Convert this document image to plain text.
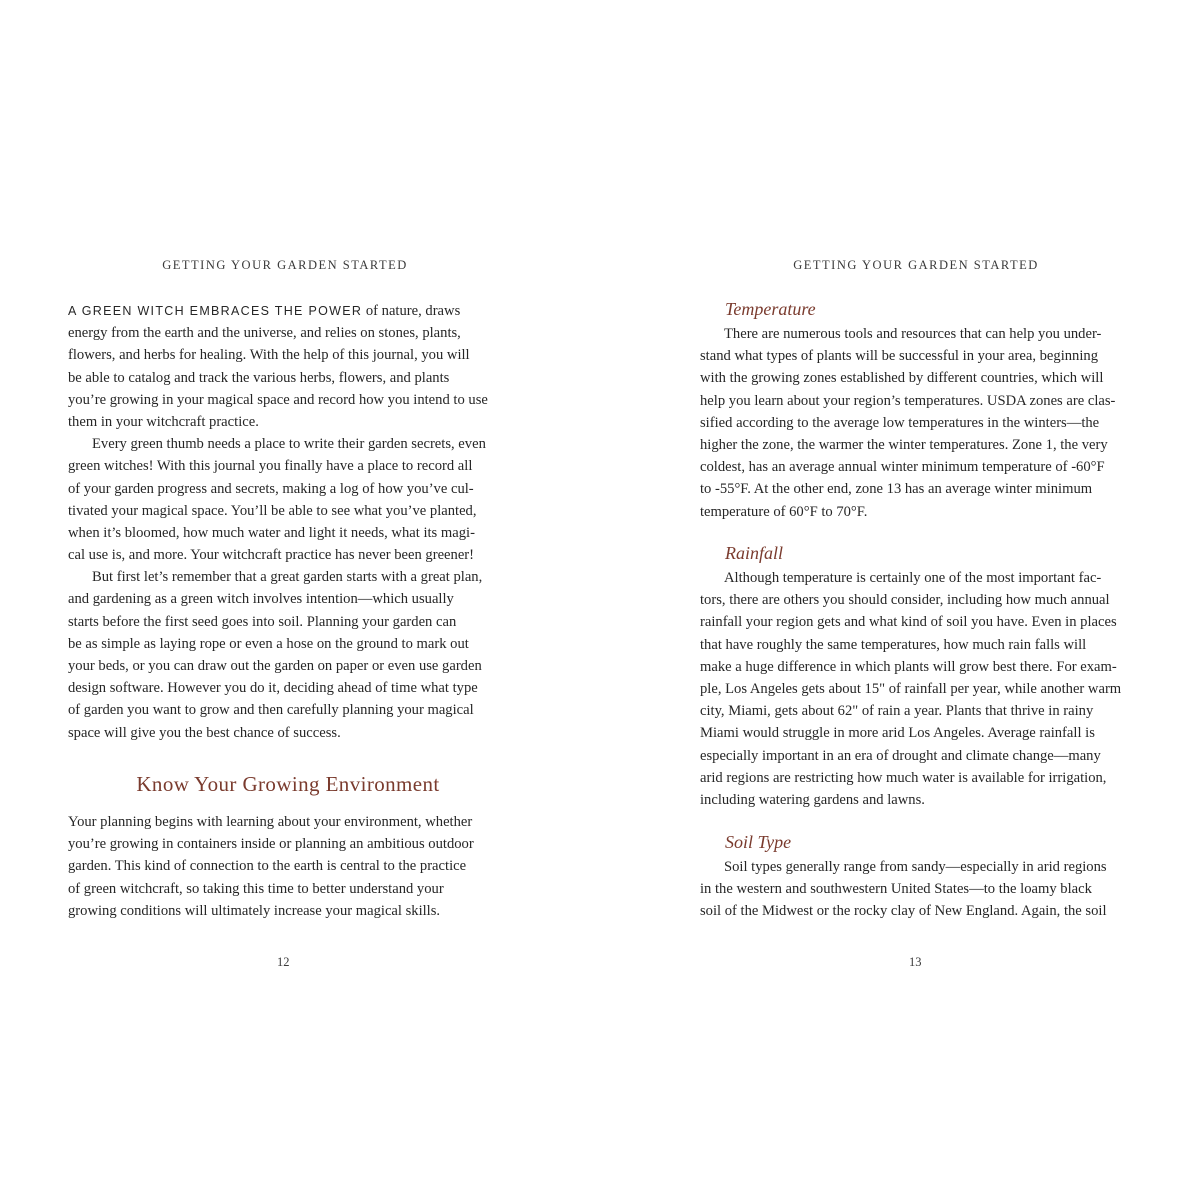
GETTING YOUR GARDEN STARTED
A GREEN WITCH EMBRACES THE POWER of nature, draws
energy from the earth and the universe, and relies on stones, plants,
flowers, and herbs for healing. With the help of this journal, you will
be able to catalog and track the various herbs, flowers, and plants
you’re growing in your magical space and record how you intend to use
them in your witchcraft practice.
Every green thumb needs a place to write their garden secrets, even
green witches! With this journal you finally have a place to record all
of your garden progress and secrets, making a log of how you’ve cul-
tivated your magical space. You’ll be able to see what you’ve planted,
when it’s bloomed, how much water and light it needs, what its magi-
cal use is, and more. Your witchcraft practice has never been greener!
But first let’s remember that a great garden starts with a great plan,
and gardening as a green witch involves intention—which usually
starts before the first seed goes into soil. Planning your garden can
be as simple as laying rope or even a hose on the ground to mark out
your beds, or you can draw out the garden on paper or even use garden
design software. However you do it, deciding ahead of time what type
of garden you want to grow and then carefully planning your magical
space will give you the best chance of success.
Know Your Growing Environment
Your planning begins with learning about your environment, whether
you’re growing in containers inside or planning an ambitious outdoor
garden. This kind of connection to the earth is central to the practice
of green witchcraft, so taking this time to better understand your
growing conditions will ultimately increase your magical skills.
12
GETTING YOUR GARDEN STARTED
Temperature
There are numerous tools and resources that can help you under-
stand what types of plants will be successful in your area, beginning
with the growing zones established by different countries, which will
help you learn about your region’s temperatures. USDA zones are clas-
sified according to the average low temperatures in the winters—the
higher the zone, the warmer the winter temperatures. Zone 1, the very
coldest, has an average annual winter minimum temperature of -60°F
to -55°F. At the other end, zone 13 has an average winter minimum
temperature of 60°F to 70°F.
Rainfall
Although temperature is certainly one of the most important fac-
tors, there are others you should consider, including how much annual
rainfall your region gets and what kind of soil you have. Even in places
that have roughly the same temperatures, how much rain falls will
make a huge difference in which plants will grow best there. For exam-
ple, Los Angeles gets about 15" of rainfall per year, while another warm
city, Miami, gets about 62" of rain a year. Plants that thrive in rainy
Miami would struggle in more arid Los Angeles. Average rainfall is
especially important in an era of drought and climate change—many
arid regions are restricting how much water is available for irrigation,
including watering gardens and lawns.
Soil Type
Soil types generally range from sandy—especially in arid regions
in the western and southwestern United States—to the loamy black
soil of the Midwest or the rocky clay of New England. Again, the soil
13
